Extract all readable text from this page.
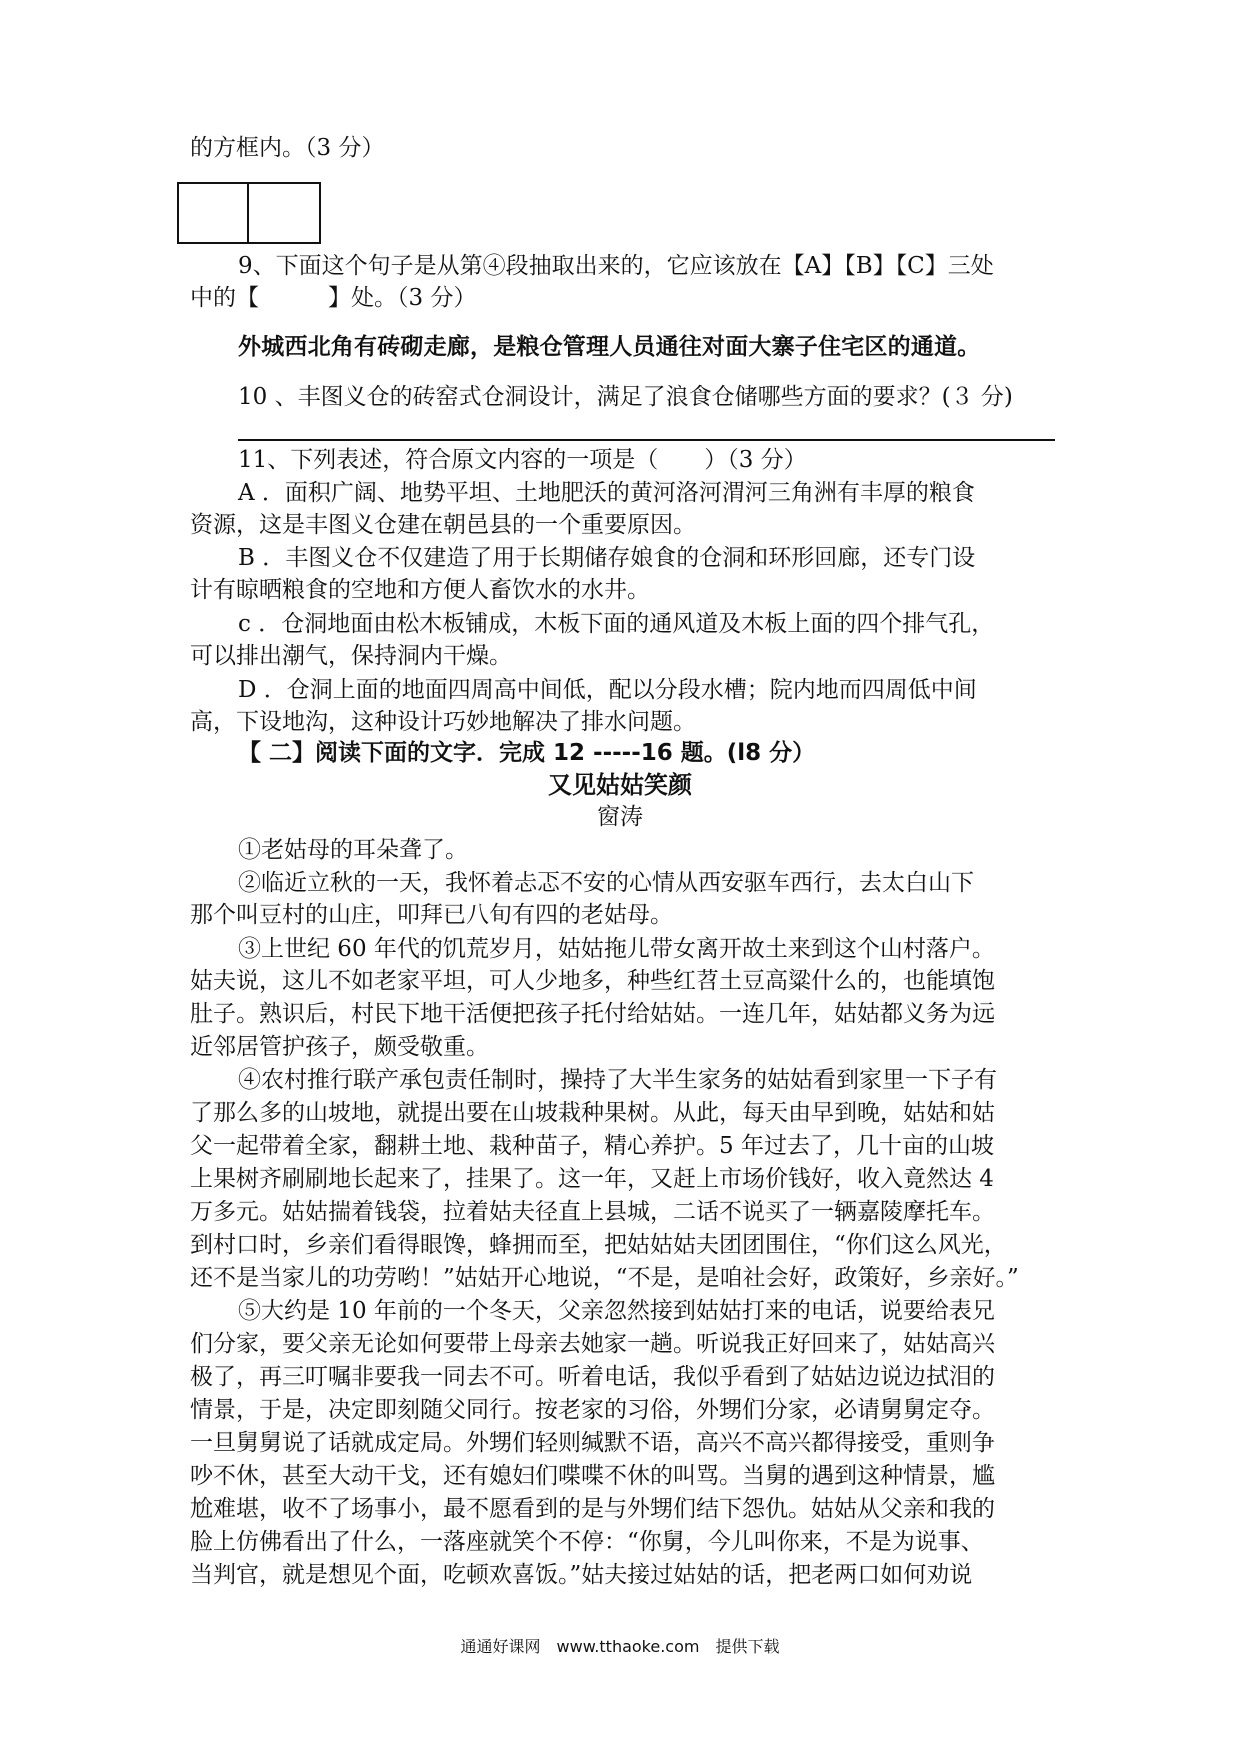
的方框内。（3 分）
9、下面这个句子是从第④段抽取出来的，它应该放在【A】【B】【C】三处
中的【　　　】处。（3 分）
外城西北角有砖砌走廊，是粮仓管理人员通往对面大寨子住宅区的通道。
10 、丰图义仓的砖窑式仓洞设计，满足了浪食仓储哪些方面的要求？(３ 分)
11、下列表述，符合原文内容的一项是（　　）（3 分）
A ．面积广阔、地势平坦、土地肥沃的黄河洛河渭河三角洲有丰厚的粮食
资源，这是丰图义仓建在朝邑县的一个重要原因。
B ．丰图义仓不仅建造了用于长期储存娘食的仓洞和环形回廊，还专门设
计有晾晒粮食的空地和方便人畜饮水的水井。
c ．仓洞地面由松木板铺成，木板下面的通风道及木板上面的四个排气孔，
可以排出潮气，保持洞内干燥。
D ．仓洞上面的地面四周高中间低，配以分段水槽；院内地而四周低中间
高，下设地沟，这种设计巧妙地解决了排水问题。
【 二】阅读下面的文字．完成 12 -----16 题。(l8 分）
又见姑姑笑颜
窗涛
①老姑母的耳朵聋了。
②临近立秋的一天，我怀着忐忑不安的心情从西安驱车西行，去太白山下
那个叫豆村的山庄，叩拜已八旬有四的老姑母。
③上世纪 60 年代的饥荒岁月，姑姑拖儿带女离开故土来到这个山村落户。
姑夫说，这儿不如老家平坦，可人少地多，种些红苕土豆高粱什么的，也能填饱
肚子。熟识后，村民下地干活便把孩子托付给姑姑。一连几年，姑姑都义务为远
近邻居管护孩子，颇受敬重。
④农村推行联产承包责任制时，操持了大半生家务的姑姑看到家里一下子有
了那么多的山坡地，就提出要在山坡栽种果树。从此，每天由早到晚，姑姑和姑
父一起带着全家，翻耕土地、栽种苗子，精心养护。5 年过去了，几十亩的山坡
上果树齐刷刷地长起来了，挂果了。这一年，又赶上市场价钱好，收入竟然达 4
万多元。姑姑揣着钱袋，拉着姑夫径直上县城，二话不说买了一辆嘉陵摩托车。
到村口时，乡亲们看得眼馋，蜂拥而至，把姑姑姑夫团团围住，“你们这么风光，
还不是当家儿的功劳哟！”姑姑开心地说，“不是，是咱社会好，政策好，乡亲好。”
⑤大约是 10 年前的一个冬天，父亲忽然接到姑姑打来的电话，说要给表兄
们分家，要父亲无论如何要带上母亲去她家一趟。听说我正好回来了，姑姑高兴
极了，再三叮嘱非要我一同去不可。听着电话，我似乎看到了姑姑边说边拭泪的
情景，于是，决定即刻随父同行。按老家的习俗，外甥们分家，必请舅舅定夺。
一旦舅舅说了话就成定局。外甥们轻则缄默不语，高兴不高兴都得接受，重则争
吵不休，甚至大动干戈，还有媳妇们喋喋不休的叫骂。当舅的遇到这种情景，尴
尬难堪，收不了场事小，最不愿看到的是与外甥们结下怨仇。姑姑从父亲和我的
脸上仿佛看出了什么，一落座就笑个不停：“你舅，今儿叫你来，不是为说事、
当判官，就是想见个面，吃顿欢喜饭。”姑夫接过姑姑的话，把老两口如何劝说
通通好课网　www.tthaoke.com　提供下载
